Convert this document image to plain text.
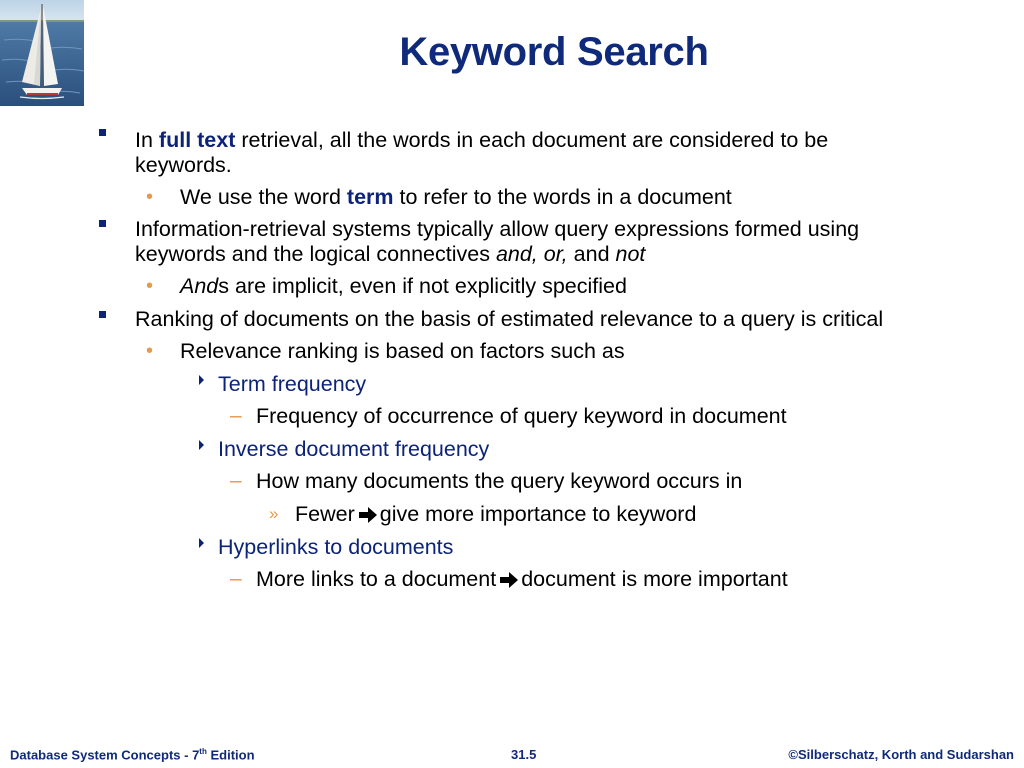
Keyword Search
In full text retrieval, all the words in each document are considered to be
keywords.
• We use the word term to refer to the words in a document
Information-retrieval systems typically allow query expressions formed using
keywords and the logical connectives and, or, and not
• Ands are implicit, even if not explicitly specified
Ranking of documents on the basis of estimated relevance to a query is critical
• Relevance ranking is based on factors such as
Term frequency
– Frequency of occurrence of query keyword in document
Inverse document frequency
– How many documents the query keyword occurs in
» Fewer give more importance to keyword
Hyperlinks to documents
– More links to a document document is more important
Database System Concepts - 7th Edition	31.5	©Silberschatz, Korth and Sudarshan
